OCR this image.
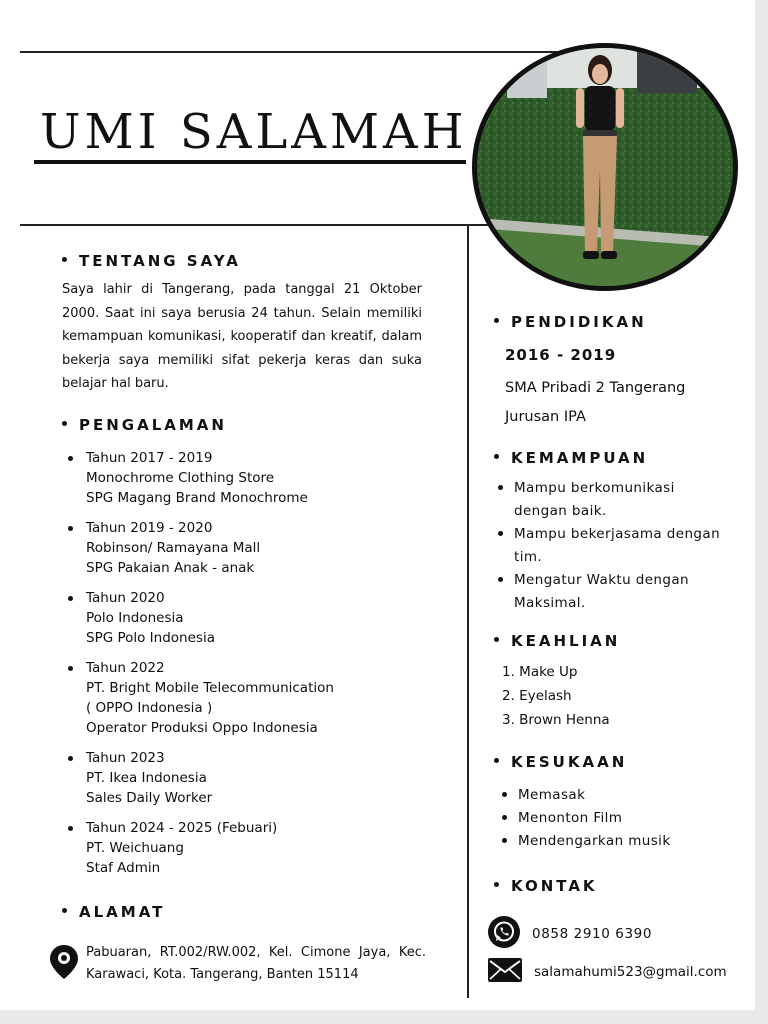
UMI SALAMAH
TENTANG SAYA

Saya lahir di Tangerang, pada tanggal 21 Oktober 2000. Saat ini saya berusia 24 tahun. Selain memiliki kemampuan komunikasi, kooperatif dan kreatif, dalam bekerja saya memiliki sifat pekerja keras dan suka belajar hal baru.

PENGALAMAN
Tahun 2017 - 2019
Monochrome Clothing Store
SPG Magang Brand Monochrome
Tahun 2019 - 2020
Robinson/ Ramayana Mall
SPG Pakaian Anak - anak
Tahun 2020
Polo Indonesia
SPG Polo Indonesia
Tahun 2022
PT. Bright Mobile Telecommunication
( OPPO Indonesia )
Operator Produksi Oppo Indonesia
Tahun 2023
PT. Ikea Indonesia
Sales Daily Worker
Tahun 2024 - 2025 (Febuari)
PT. Weichuang
Staf Admin
ALAMAT

Pabuaran, RT.002/RW.002, Kel. Cimone Jaya, Kec. Karawaci, Kota. Tangerang, Banten 15114

PENDIDIKAN
2016 - 2019
SMA Pribadi 2 Tangerang
Jurusan IPA
KEMAMPUAN
Mampu berkomunikasi dengan baik.
Mampu bekerjasama dengan tim.
Mengatur Waktu dengan Maksimal.
KEAHLIAN
1. Make Up
2. Eyelash
3. Brown Henna
KESUKAAN
Memasak
Menonton Film
Mendengarkan musik
KONTAK
0858 2910 6390
salamahumi523@gmail.com
